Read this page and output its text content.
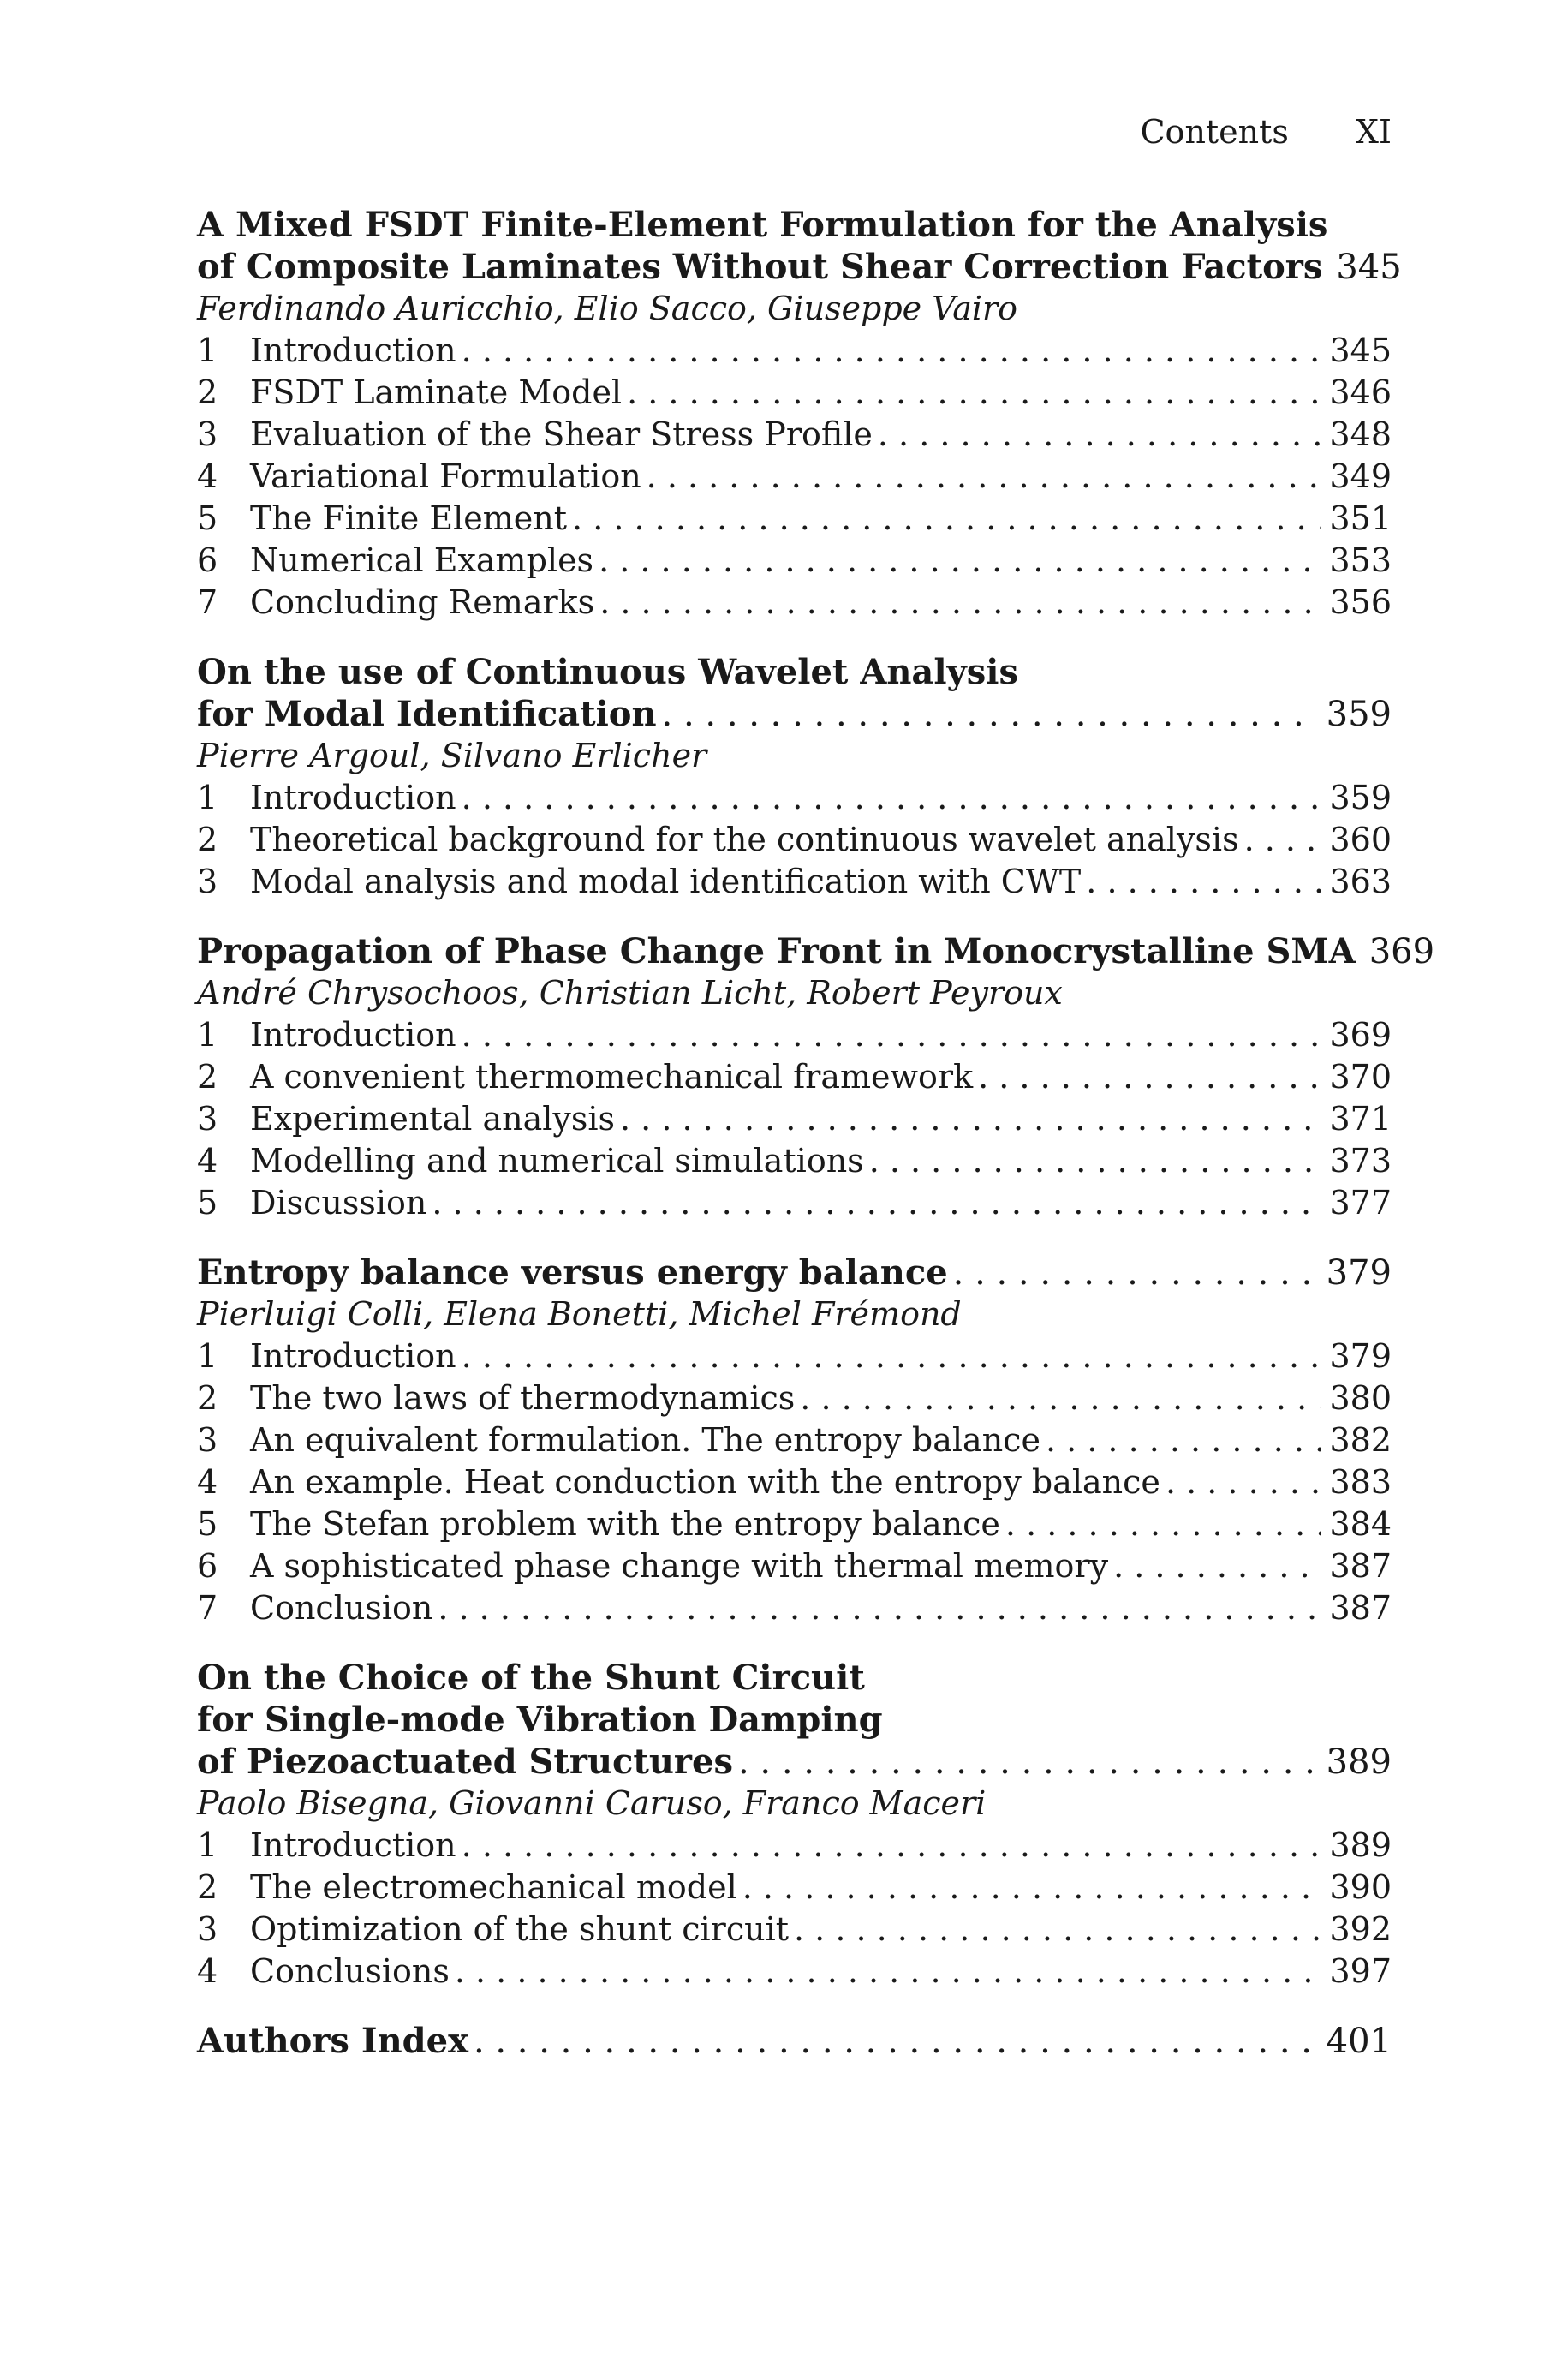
Contents XI
A Mixed FSDT Finite-Element Formulation for the Analysis
of Composite Laminates Without Shear Correction Factors 345
Ferdinando Auricchio, Elio Sacco, Giuseppe Vairo
1 Introduction . . .	345
2 FSDT Laminate Model . . .	346
3 Evaluation of the Shear Stress Profile . . .	348
4 Variational Formulation . . .	349
5 The Finite Element . . .	351
6 Numerical Examples . . .	353
7 Concluding Remarks . . .	356
On the use of Continuous Wavelet Analysis
for Modal Identification . . .	359
Pierre Argoul, Silvano Erlicher
1 Introduction . . .	359
2 Theoretical background for the continuous wavelet analysis . . .	360
3 Modal analysis and modal identification with CWT . . .	363
Propagation of Phase Change Front in Monocrystalline SMA 369
André Chrysochoos, Christian Licht, Robert Peyroux
1 Introduction . . .	369
2 A convenient thermomechanical framework . . .	370
3 Experimental analysis . . .	371
4 Modelling and numerical simulations . . .	373
5 Discussion . . .	377
Entropy balance versus energy balance . . .	379
Pierluigi Colli, Elena Bonetti, Michel Frémond
1 Introduction . . .	379
2 The two laws of thermodynamics . . .	380
3 An equivalent formulation. The entropy balance . . .	382
4 An example. Heat conduction with the entropy balance . . .	383
5 The Stefan problem with the entropy balance . . .	384
6 A sophisticated phase change with thermal memory . . .	387
7 Conclusion . . .	387
On the Choice of the Shunt Circuit
for Single-mode Vibration Damping
of Piezoactuated Structures . . .	389
Paolo Bisegna, Giovanni Caruso, Franco Maceri
1 Introduction . . .	389
2 The electromechanical model . . .	390
3 Optimization of the shunt circuit . . .	392
4 Conclusions . . .	397
Authors Index . . .	401
